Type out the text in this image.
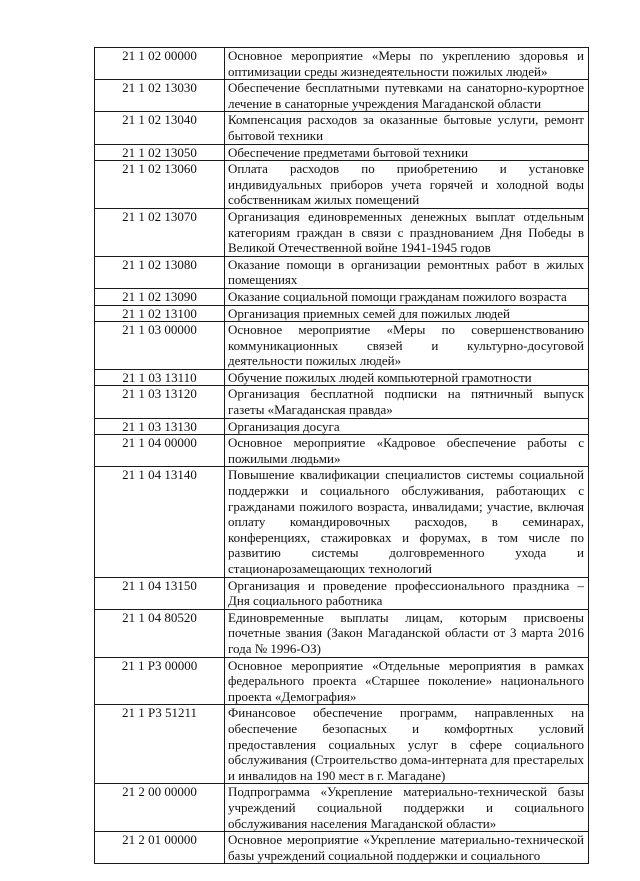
21 1 02 00000	Основное мероприятие «Меры по укреплению здоровья и оптимизации среды жизнедеятельности пожилых людей»
21 1 02 13030	Обеспечение бесплатными путевками на санаторно-курортное лечение в санаторные учреждения Магаданской области
21 1 02 13040	Компенсация расходов за оказанные бытовые услуги, ремонт бытовой техники
21 1 02 13050	Обеспечение предметами бытовой техники
21 1 02 13060	Оплата расходов по приобретению и установке индивидуальных приборов учета горячей и холодной воды собственникам жилых помещений
21 1 02 13070	Организация единовременных денежных выплат отдельным категориям граждан в связи с празднованием Дня Победы в Великой Отечественной войне 1941-1945 годов
21 1 02 13080	Оказание помощи в организации ремонтных работ в жилых помещениях
21 1 02 13090	Оказание социальной помощи гражданам пожилого возраста
21 1 02 13100	Организация приемных семей для пожилых людей
21 1 03 00000	Основное мероприятие «Меры по совершенствованию коммуникационных связей и культурно-досуговой деятельности пожилых людей»
21 1 03 13110	Обучение пожилых людей компьютерной грамотности
21 1 03 13120	Организация бесплатной подписки на пятничный выпуск газеты «Магаданская правда»
21 1 03 13130	Организация досуга
21 1 04 00000	Основное мероприятие «Кадровое обеспечение работы с пожилыми людьми»
21 1 04 13140	Повышение квалификации специалистов системы социальной поддержки и социального обслуживания, работающих с гражданами пожилого возраста, инвалидами; участие, включая оплату командировочных расходов, в семинарах, конференциях, стажировках и форумах, в том числе по развитию системы долговременного ухода и стационарозамещающих технологий
21 1 04 13150	Организация и проведение профессионального праздника – Дня социального работника
21 1 04 80520	Единовременные выплаты лицам, которым присвоены почетные звания (Закон Магаданской области от 3 марта 2016 года № 1996-ОЗ)
21 1 P3 00000	Основное мероприятие «Отдельные мероприятия в рамках федерального проекта «Старшее поколение» национального проекта «Демография»
21 1 P3 51211	Финансовое обеспечение программ, направленных на обеспечение безопасных и комфортных условий предоставления социальных услуг в сфере социального обслуживания (Строительство дома-интерната для престарелых и инвалидов на 190 мест в г. Магадане)
21 2 00 00000	Подпрограмма «Укрепление материально-технической базы учреждений социальной поддержки и социального обслуживания населения Магаданской области»
21 2 01 00000	Основное мероприятие «Укрепление материально-технической базы учреждений социальной поддержки и социального
